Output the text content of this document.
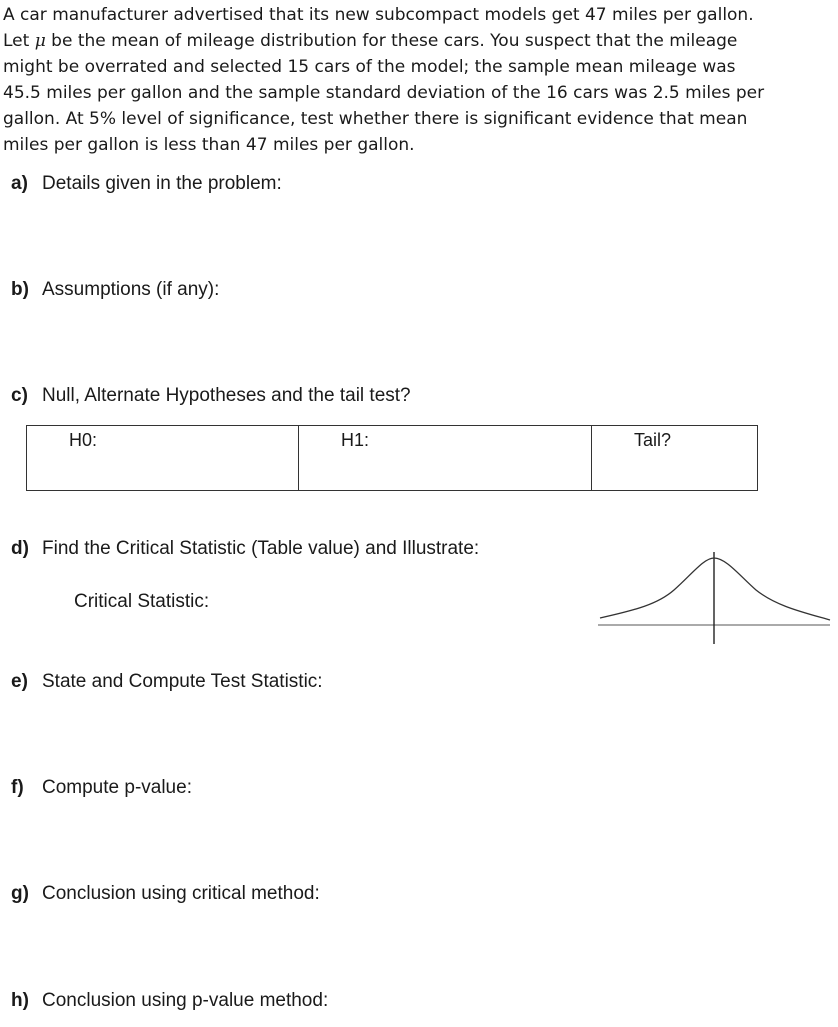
A car manufacturer advertised that its new subcompact models get 47 miles per gallon.
Let μ be the mean of mileage distribution for these cars. You suspect that the mileage
might be overrated and selected 15 cars of the model; the sample mean mileage was
45.5 miles per gallon and the sample standard deviation of the 16 cars was 2.5 miles per
gallon. At 5% level of significance, test whether there is significant evidence that mean
miles per gallon is less than 47 miles per gallon.
a) Details given in the problem:
b) Assumptions (if any):
c) Null, Alternate Hypotheses and the tail test?
H0:	H1:	Tail?
d) Find the Critical Statistic (Table value) and Illustrate:
Critical Statistic:
e) State and Compute Test Statistic:
f) Compute p-value:
g) Conclusion using critical method:
h) Conclusion using p-value method:
